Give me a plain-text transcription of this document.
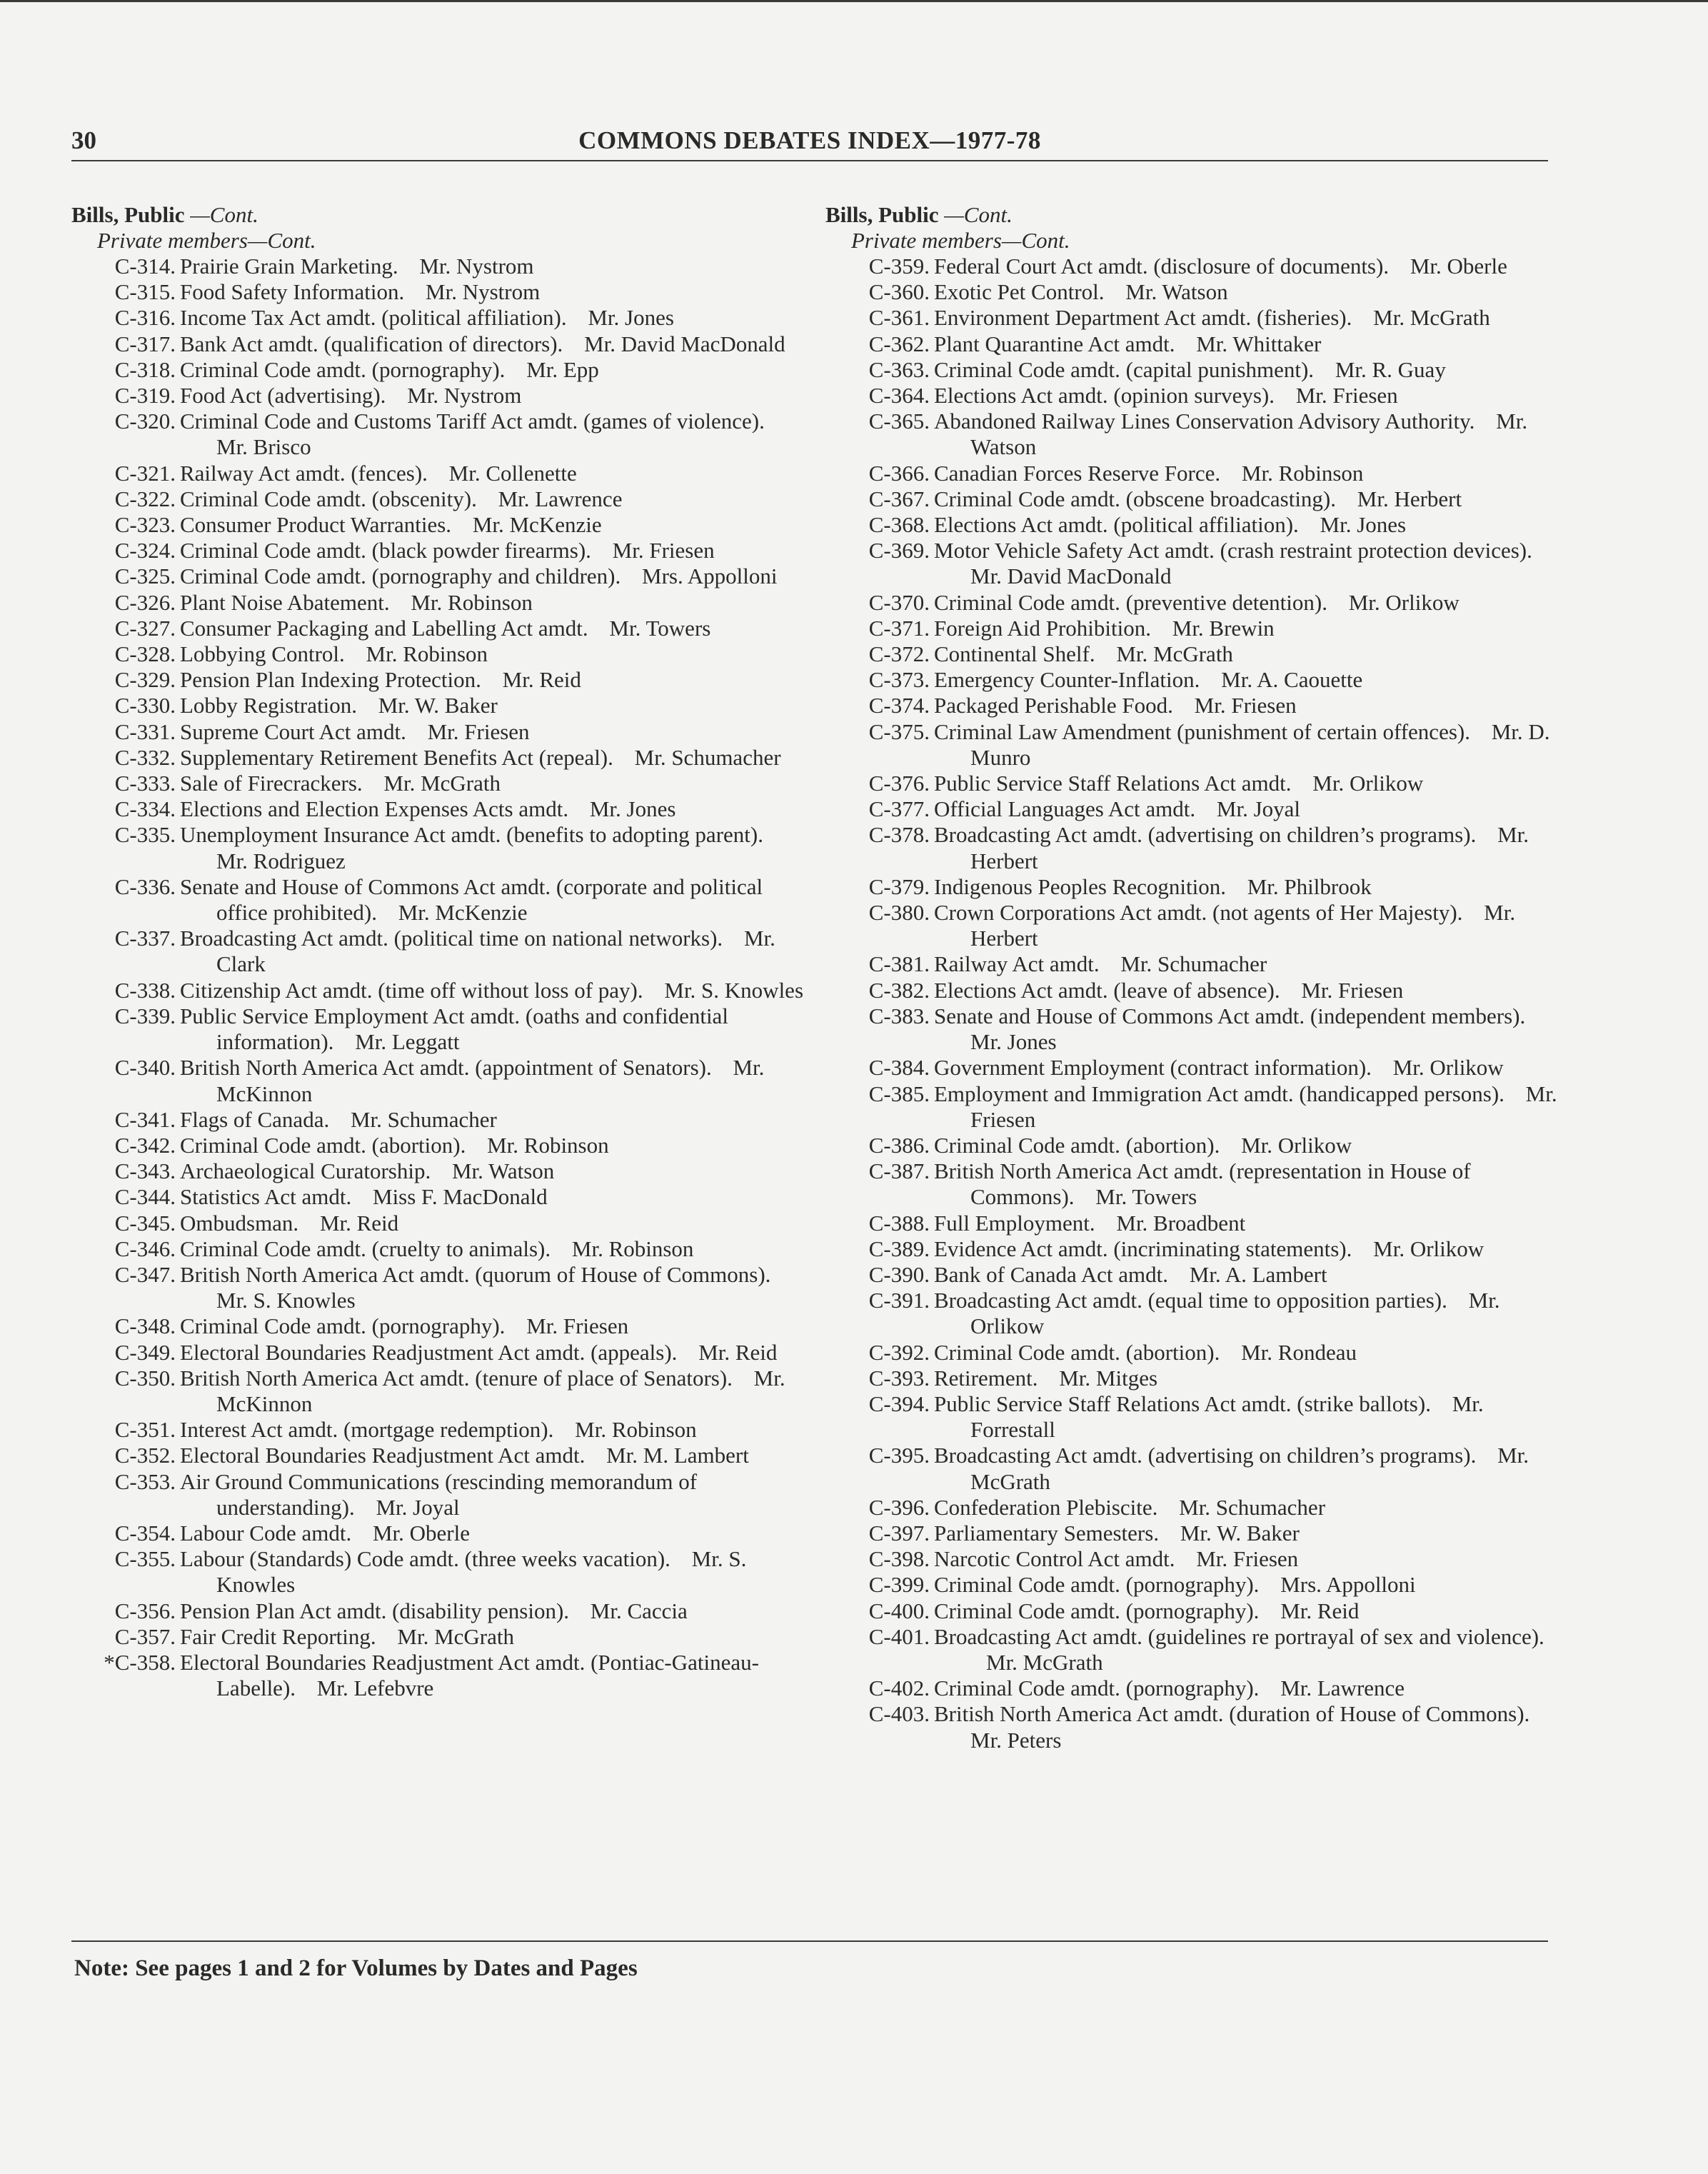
COMMONS DEBATES INDEX—1977-78
30
Bills, Public —Cont.
Private members—Cont.
C-314. Prairie Grain Marketing. Mr. Nystrom
C-315. Food Safety Information. Mr. Nystrom
C-316. Income Tax Act amdt. (political affiliation). Mr. Jones
C-317. Bank Act amdt. (qualification of directors). Mr. David MacDonald
C-318. Criminal Code amdt. (pornography). Mr. Epp
C-319. Food Act (advertising). Mr. Nystrom
C-320. Criminal Code and Customs Tariff Act amdt. (games of violence). Mr. Brisco
C-321. Railway Act amdt. (fences). Mr. Collenette
C-322. Criminal Code amdt. (obscenity). Mr. Lawrence
C-323. Consumer Product Warranties. Mr. McKenzie
C-324. Criminal Code amdt. (black powder firearms). Mr. Friesen
C-325. Criminal Code amdt. (pornography and children). Mrs. Appolloni
C-326. Plant Noise Abatement. Mr. Robinson
C-327. Consumer Packaging and Labelling Act amdt. Mr. Towers
C-328. Lobbying Control. Mr. Robinson
C-329. Pension Plan Indexing Protection. Mr. Reid
C-330. Lobby Registration. Mr. W. Baker
C-331. Supreme Court Act amdt. Mr. Friesen
C-332. Supplementary Retirement Benefits Act (repeal). Mr. Schumacher
C-333. Sale of Firecrackers. Mr. McGrath
C-334. Elections and Election Expenses Acts amdt. Mr. Jones
C-335. Unemployment Insurance Act amdt. (benefits to adopting parent). Mr. Rodriguez
C-336. Senate and House of Commons Act amdt. (corporate and political office prohibited). Mr. McKenzie
C-337. Broadcasting Act amdt. (political time on national networks). Mr. Clark
C-338. Citizenship Act amdt. (time off without loss of pay). Mr. S. Knowles
C-339. Public Service Employment Act amdt. (oaths and confidential information). Mr. Leggatt
C-340. British North America Act amdt. (appointment of Senators). Mr. McKinnon
C-341. Flags of Canada. Mr. Schumacher
C-342. Criminal Code amdt. (abortion). Mr. Robinson
C-343. Archaeological Curatorship. Mr. Watson
C-344. Statistics Act amdt. Miss F. MacDonald
C-345. Ombudsman. Mr. Reid
C-346. Criminal Code amdt. (cruelty to animals). Mr. Robinson
C-347. British North America Act amdt. (quorum of House of Commons). Mr. S. Knowles
C-348. Criminal Code amdt. (pornography). Mr. Friesen
C-349. Electoral Boundaries Readjustment Act amdt. (appeals). Mr. Reid
C-350. British North America Act amdt. (tenure of place of Senators). Mr. McKinnon
C-351. Interest Act amdt. (mortgage redemption). Mr. Robinson
C-352. Electoral Boundaries Readjustment Act amdt. Mr. M. Lambert
C-353. Air Ground Communications (rescinding memorandum of understanding). Mr. Joyal
C-354. Labour Code amdt. Mr. Oberle
C-355. Labour (Standards) Code amdt. (three weeks vacation). Mr. S. Knowles
C-356. Pension Plan Act amdt. (disability pension). Mr. Caccia
C-357. Fair Credit Reporting. Mr. McGrath
*C-358. Electoral Boundaries Readjustment Act amdt. (Pontiac-Gatineau-Labelle). Mr. Lefebvre
Bills, Public —Cont.
Private members—Cont.
C-359. Federal Court Act amdt. (disclosure of documents). Mr. Oberle
C-360. Exotic Pet Control. Mr. Watson
C-361. Environment Department Act amdt. (fisheries). Mr. McGrath
C-362. Plant Quarantine Act amdt. Mr. Whittaker
C-363. Criminal Code amdt. (capital punishment). Mr. R. Guay
C-364. Elections Act amdt. (opinion surveys). Mr. Friesen
C-365. Abandoned Railway Lines Conservation Advisory Authority. Mr. Watson
C-366. Canadian Forces Reserve Force. Mr. Robinson
C-367. Criminal Code amdt. (obscene broadcasting). Mr. Herbert
C-368. Elections Act amdt. (political affiliation). Mr. Jones
C-369. Motor Vehicle Safety Act amdt. (crash restraint protection devices). Mr. David MacDonald
C-370. Criminal Code amdt. (preventive detention). Mr. Orlikow
C-371. Foreign Aid Prohibition. Mr. Brewin
C-372. Continental Shelf. Mr. McGrath
C-373. Emergency Counter-Inflation. Mr. A. Caouette
C-374. Packaged Perishable Food. Mr. Friesen
C-375. Criminal Law Amendment (punishment of certain offences). Mr. D. Munro
C-376. Public Service Staff Relations Act amdt. Mr. Orlikow
C-377. Official Languages Act amdt. Mr. Joyal
C-378. Broadcasting Act amdt. (advertising on children’s programs). Mr. Herbert
C-379. Indigenous Peoples Recognition. Mr. Philbrook
C-380. Crown Corporations Act amdt. (not agents of Her Majesty). Mr. Herbert
C-381. Railway Act amdt. Mr. Schumacher
C-382. Elections Act amdt. (leave of absence). Mr. Friesen
C-383. Senate and House of Commons Act amdt. (independent members). Mr. Jones
C-384. Government Employment (contract information). Mr. Orlikow
C-385. Employment and Immigration Act amdt. (handicapped persons). Mr. Friesen
C-386. Criminal Code amdt. (abortion). Mr. Orlikow
C-387. British North America Act amdt. (representation in House of Commons). Mr. Towers
C-388. Full Employment. Mr. Broadbent
C-389. Evidence Act amdt. (incriminating statements). Mr. Orlikow
C-390. Bank of Canada Act amdt. Mr. A. Lambert
C-391. Broadcasting Act amdt. (equal time to opposition parties). Mr. Orlikow
C-392. Criminal Code amdt. (abortion). Mr. Rondeau
C-393. Retirement. Mr. Mitges
C-394. Public Service Staff Relations Act amdt. (strike ballots). Mr. Forrestall
C-395. Broadcasting Act amdt. (advertising on children’s programs). Mr. McGrath
C-396. Confederation Plebiscite. Mr. Schumacher
C-397. Parliamentary Semesters. Mr. W. Baker
C-398. Narcotic Control Act amdt. Mr. Friesen
C-399. Criminal Code amdt. (pornography). Mrs. Appolloni
C-400. Criminal Code amdt. (pornography). Mr. Reid
C-401. Broadcasting Act amdt. (guidelines re portrayal of sex and violence). Mr. McGrath
C-402. Criminal Code amdt. (pornography). Mr. Lawrence
C-403. British North America Act amdt. (duration of House of Commons). Mr. Peters
Note: See pages 1 and 2 for Volumes by Dates and Pages
